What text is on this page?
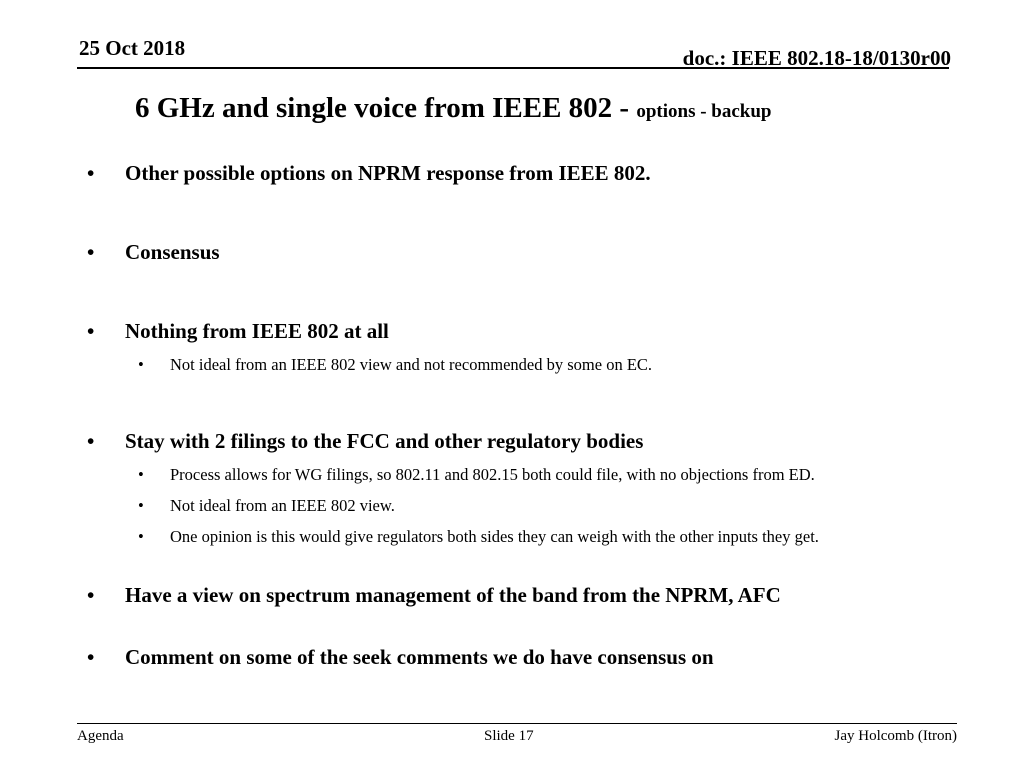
25 Oct 2018	doc.: IEEE 802.18-18/0130r00
6 GHz and single voice from IEEE 802 - options - backup
• Other possible options on NPRM response from IEEE 802.
• Consensus
• Nothing from IEEE 802 at all
• Not ideal from an IEEE 802 view and not recommended by some on EC.
• Stay with 2 filings to the FCC and other regulatory bodies
• Process allows for WG filings, so 802.11 and 802.15 both could file, with no objections from ED.
• Not ideal from an IEEE 802 view.
• One opinion is this would give regulators both sides they can weigh with the other inputs they get.
• Have a view on spectrum management of the band from the NPRM, AFC
• Comment on some of the seek comments we do have consensus on
Agenda	Slide 17	Jay Holcomb (Itron)
